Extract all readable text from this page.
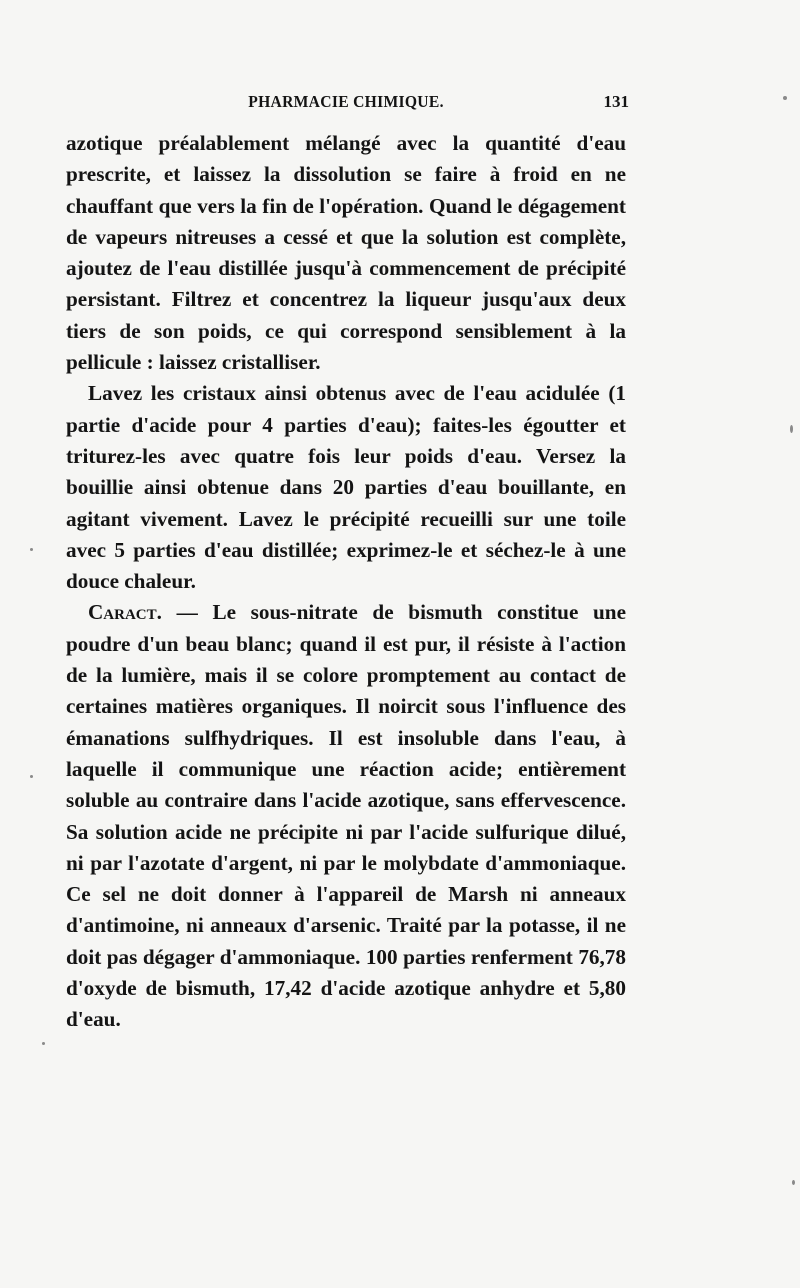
PHARMACIE CHIMIQUE.	131

azotique préalablement mélangé avec la quantité d'eau prescrite, et laissez la dissolution se faire à froid en ne chauffant que vers la fin de l'opération. Quand le dégagement de vapeurs nitreuses a cessé et que la solution est complète, ajoutez de l'eau distillée jusqu'à commencement de précipité persistant. Filtrez et concentrez la liqueur jusqu'aux deux tiers de son poids, ce qui correspond sensiblement à la pellicule : laissez cristalliser.

Lavez les cristaux ainsi obtenus avec de l'eau acidulée (1 partie d'acide pour 4 parties d'eau); faites-les égoutter et triturez-les avec quatre fois leur poids d'eau. Versez la bouillie ainsi obtenue dans 20 parties d'eau bouillante, en agitant vivement. Lavez le précipité recueilli sur une toile avec 5 parties d'eau distillée; exprimez-le et séchez-le à une douce chaleur.

Caract. — Le sous-nitrate de bismuth constitue une poudre d'un beau blanc; quand il est pur, il résiste à l'action de la lumière, mais il se colore promptement au contact de certaines matières organiques. Il noircit sous l'influence des émanations sulfhydriques. Il est insoluble dans l'eau, à laquelle il communique une réaction acide; entièrement soluble au contraire dans l'acide azotique, sans effervescence. Sa solution acide ne précipite ni par l'acide sulfurique dilué, ni par l'azotate d'argent, ni par le molybdate d'ammoniaque. Ce sel ne doit donner à l'appareil de Marsh ni anneaux d'antimoine, ni anneaux d'arsenic. Traité par la potasse, il ne doit pas dégager d'ammoniaque. 100 parties renferment 76,78 d'oxyde de bismuth, 17,42 d'acide azotique anhydre et 5,80 d'eau.
